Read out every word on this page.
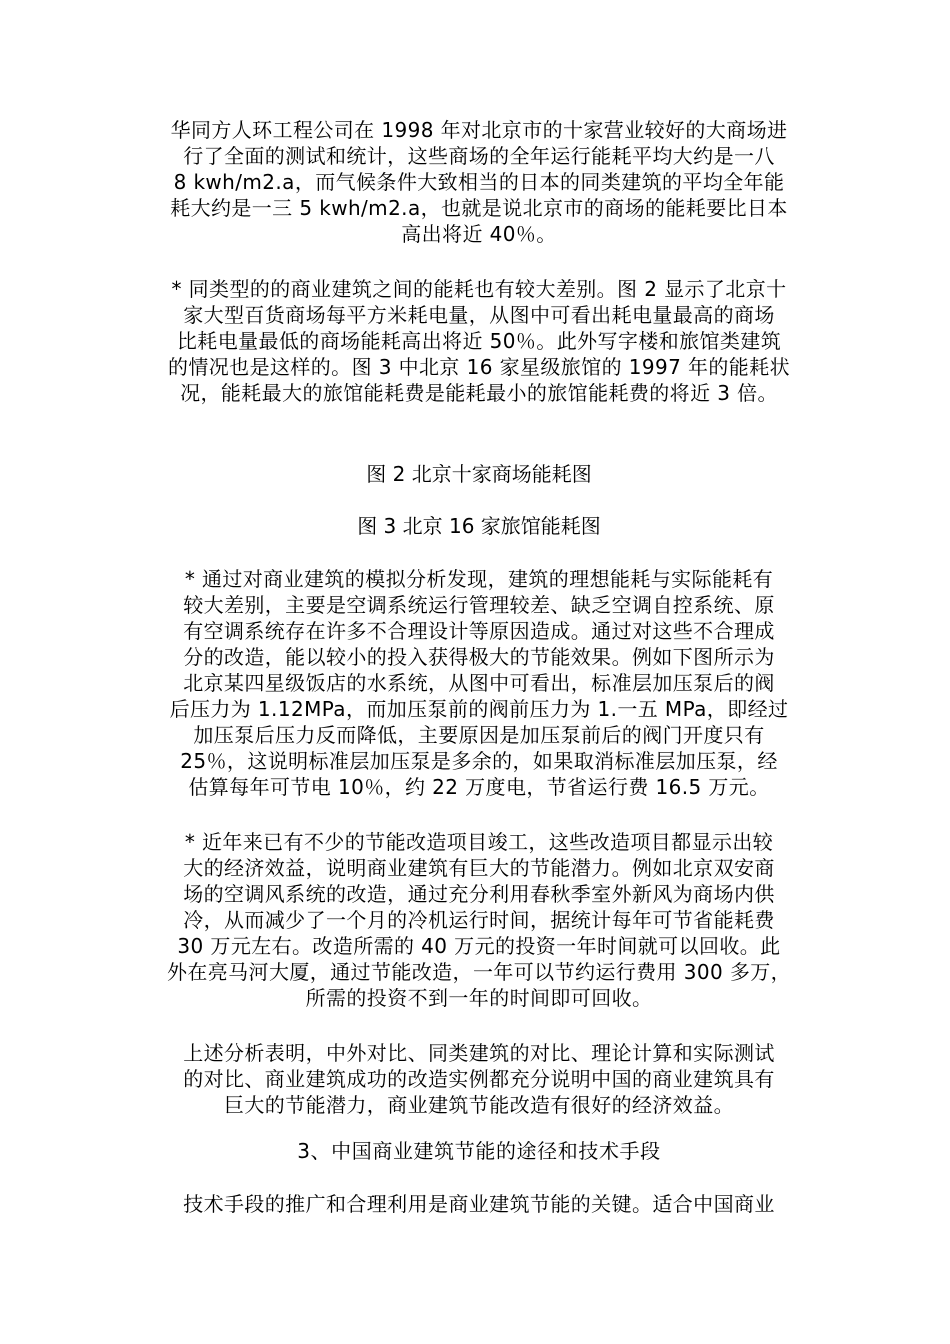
华同方人环工程公司在 1998 年对北京市的十家营业较好的大商场进
行了全面的测试和统计，这些商场的全年运行能耗平均大约是一八
8 kwh/m2.a，而气候条件大致相当的日本的同类建筑的平均全年能
耗大约是一三 5 kwh/m2.a，也就是说北京市的商场的能耗要比日本
高出将近 40％。

* 同类型的的商业建筑之间的能耗也有较大差别。图 2 显示了北京十
家大型百货商场每平方米耗电量，从图中可看出耗电量最高的商场
比耗电量最低的商场能耗高出将近 50％。此外写字楼和旅馆类建筑
的情况也是这样的。图 3 中北京 16 家星级旅馆的 1997 年的能耗状
况，能耗最大的旅馆能耗费是能耗最小的旅馆能耗费的将近 3 倍。

图 2 北京十家商场能耗图

图 3 北京 16 家旅馆能耗图

* 通过对商业建筑的模拟分析发现，建筑的理想能耗与实际能耗有
较大差别，主要是空调系统运行管理较差、缺乏空调自控系统、原
有空调系统存在许多不合理设计等原因造成。通过对这些不合理成
分的改造，能以较小的投入获得极大的节能效果。例如下图所示为
北京某四星级饭店的水系统，从图中可看出，标准层加压泵后的阀
后压力为 1.12MPa，而加压泵前的阀前压力为 1.一五 MPa，即经过
加压泵后压力反而降低，主要原因是加压泵前后的阀门开度只有
25％，这说明标准层加压泵是多余的，如果取消标准层加压泵，经
估算每年可节电 10％，约 22 万度电，节省运行费 16.5 万元。

* 近年来已有不少的节能改造项目竣工，这些改造项目都显示出较
大的经济效益，说明商业建筑有巨大的节能潜力。例如北京双安商
场的空调风系统的改造，通过充分利用春秋季室外新风为商场内供
冷，从而减少了一个月的冷机运行时间，据统计每年可节省能耗费
30 万元左右。改造所需的 40 万元的投资一年时间就可以回收。此
外在亮马河大厦，通过节能改造，一年可以节约运行费用 300 多万，
所需的投资不到一年的时间即可回收。

上述分析表明，中外对比、同类建筑的对比、理论计算和实际测试
的对比、商业建筑成功的改造实例都充分说明中国的商业建筑具有
巨大的节能潜力，商业建筑节能改造有很好的经济效益。

3、中国商业建筑节能的途径和技术手段

技术手段的推广和合理利用是商业建筑节能的关键。适合中国商业
